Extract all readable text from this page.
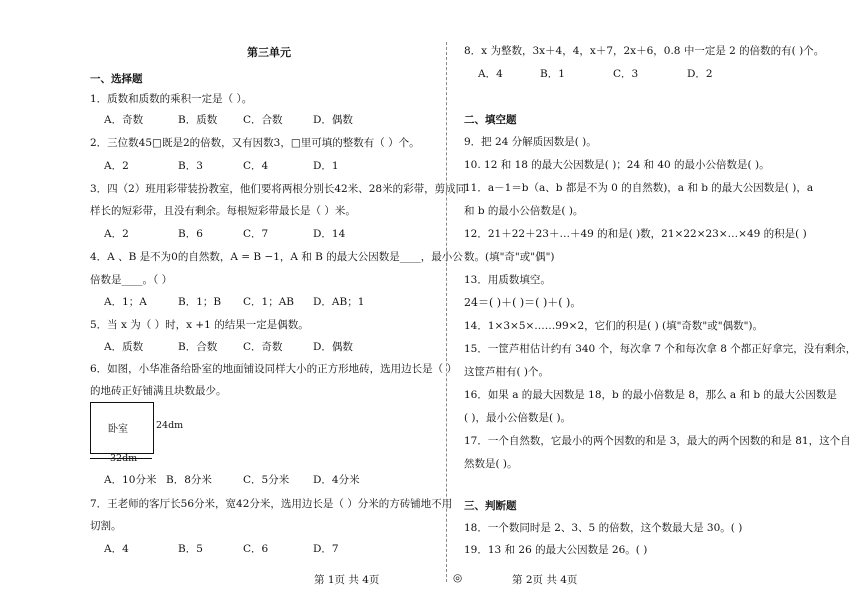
第三单元
一、选择题
1．质数和质数的乘积一定是（ ）。
A．奇数	B．质数 C．合数	D．偶数
2．三位数45□既是2的倍数，又有因数3，□里可填的整数有（ ）个。
A．2	B．3	C．4	D．1
3．四（2）班用彩带装扮教室，他们要将两根分别长42米、28米的彩带，剪成同
样长的短彩带，且没有剩余。每根短彩带最长是（ ）米。
A．2	B．6	C．7	D．14
4．A 、B 是不为0的自然数，A = B −1，A 和 B 的最大公因数是____，最小公
倍数是____。（ ）
A．1；A	B．1；B C．1；AB D．AB；1
5．当 x 为（ ）时，x +1 的结果一定是偶数。
A．质数	B．合数 C．奇数	D．偶数
6．如图，小华准备给卧室的地面铺设同样大小的正方形地砖，选用边长是（ ）
的地砖正好铺满且块数最少。
卧室	24dm
32dm
A．10分米 B．8分米	C．5分米 D．4分米
7．王老师的客厅长56分米，宽42分米，选用边长是（ ）分米的方砖铺地不用
切割。
A．4	B．5	C．6	D．7
8．x 为整数，3x＋4，4，x＋7，2x＋6，0.8 中一定是 2 的倍数的有( )个。
A．4	B．1	C．3	D．2
二、填空题
9．把 24 分解质因数是( )。
10. 12 和 18 的最大公因数是( )；24 和 40 的最小公倍数是( )。
11．a－1＝b（a、b 都是不为 0 的自然数)，a 和 b 的最大公因数是( )，a
和 b 的最小公倍数是( )。
12．21＋22＋23＋…＋49 的和是( )数，21×22×23×…×49 的积是( )
数。(填"奇"或"偶")
13．用质数填空。
24＝( )＋( )＝( )＋( )。
14．1×3×5×……99×2，它们的积是( ) (填"奇数"或"偶数")。
15．一筐芦柑估计约有 340 个，每次拿 7 个和每次拿 8 个都正好拿完，没有剩余，
这筐芦柑有( )个。
16．如果 a 的最大因数是 18，b 的最小倍数是 8，那么 a 和 b 的最大公因数是
( )，最小公倍数是( )。
17．一个自然数，它最小的两个因数的和是 3，最大的两个因数的和是 81，这个自
然数是( )。
三、判断题
18．一个数同时是 2、3、5 的倍数，这个数最大是 30。( )
19．13 和 26 的最大公因数是 26。( )
第 1页 共 4页	◎	第 2页 共 4页
